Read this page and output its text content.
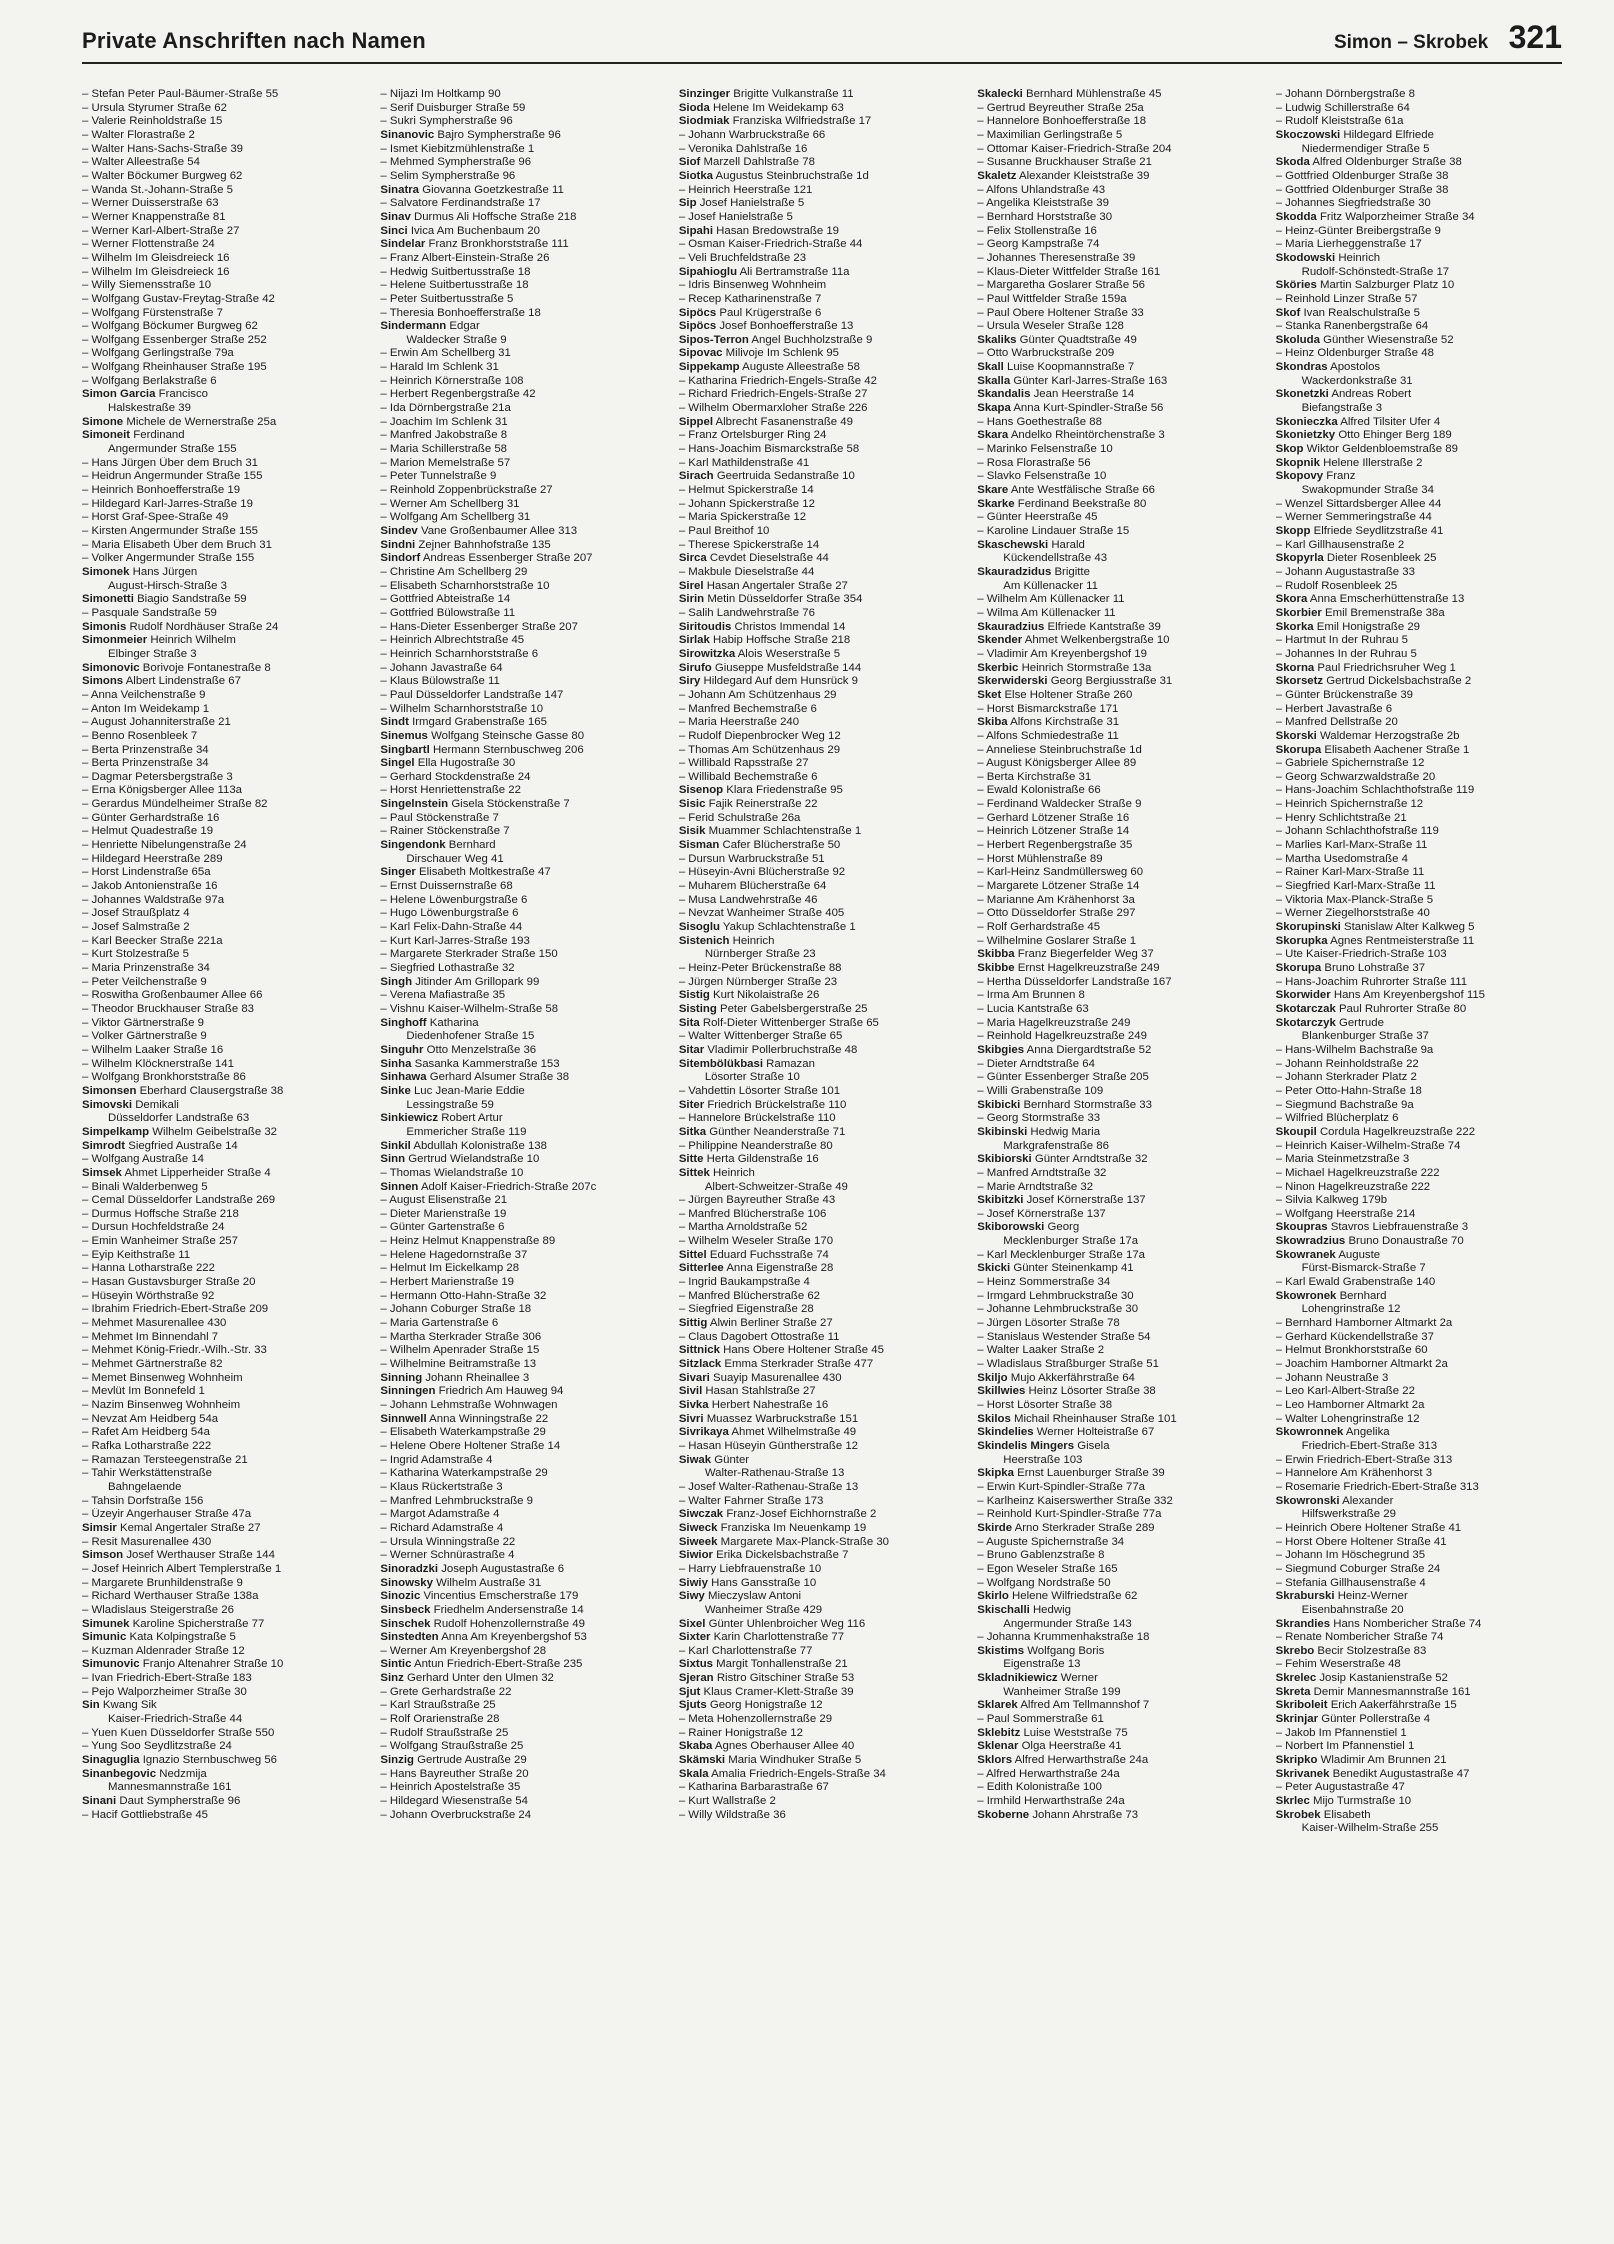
Private Anschriften nach Namen	Simon – Skrobek 321
– Stefan Peter Paul-Bäumer-Straße 55
– Ursula Styrumer Straße 62
– Valerie Reinholdstraße 15
– Walter Florastraße 2
– Walter Hans-Sachs-Straße 39
– Walter Alleestraße 54
– Walter Böckumer Burgweg 62
– Wanda St.-Johann-Straße 5
– Werner Duisserstraße 63
– Werner Knappenstraße 81
– Werner Karl-Albert-Straße 27
– Werner Flottenstraße 24
– Wilhelm Im Gleisdreieck 16
– Wilhelm Im Gleisdreieck 16
– Willy Siemensstraße 10
– Wolfgang Gustav-Freytag-Straße 42
– Wolfgang Fürstenstraße 7
– Wolfgang Böckumer Burgweg 62
– Wolfgang Essenberger Straße 252
– Wolfgang Gerlingstraße 79a
– Wolfgang Rheinhauser Straße 195
– Wolfgang Berlakstraße 6
Simon Garcia Francisco
Halskestraße 39
Simone Michele de Wernerstraße 25a
Simoneit Ferdinand
Angermunder Straße 155
– Hans Jürgen Über dem Bruch 31
– Heidrun Angermunder Straße 155
– Heinrich Bonhoefferstraße 19
– Hildegard Karl-Jarres-Straße 19
– Horst Graf-Spee-Straße 49
– Kirsten Angermunder Straße 155
– Maria Elisabeth Über dem Bruch 31
– Volker Angermunder Straße 155
Simonek Hans Jürgen
August-Hirsch-Straße 3
Simonetti Biagio Sandstraße 59
– Pasquale Sandstraße 59
Simonis Rudolf Nordhäuser Straße 24
Simonmeier Heinrich Wilhelm
Elbinger Straße 3
Simonovic Borivoje Fontanestraße 8
Simons Albert Lindenstraße 67
– Anna Veilchenstraße 9
– Anton Im Weidekamp 1
– August Johanniterstraße 21
– Benno Rosenbleek 7
– Berta Prinzenstraße 34
– Berta Prinzenstraße 34
– Dagmar Petersbergstraße 3
– Erna Königsberger Allee 113a
– Gerardus Mündelheimer Straße 82
– Günter Gerhardstraße 16
– Helmut Quadestraße 19
– Henriette Nibelungenstraße 24
– Hildegard Heerstraße 289
– Horst Lindenstraße 65a
– Jakob Antonienstraße 16
– Johannes Waldstraße 97a
– Josef Straußplatz 4
– Josef Salmstraße 2
– Karl Beecker Straße 221a
– Kurt Stolzestraße 5
– Maria Prinzenstraße 34
– Peter Veilchenstraße 9
– Roswitha Großenbaumer Allee 66
– Theodor Bruckhauser Straße 83
– Viktor Gärtnerstraße 9
– Volker Gärtnerstraße 9
– Wilhelm Laaker Straße 16
– Wilhelm Klöcknerstraße 141
– Wolfgang Bronkhorststraße 86
Simonsen Eberhard Clausergstraße 38
Simovski Demikali
Düsseldorfer Landstraße 63
Simpelkamp Wilhelm Geibelstraße 32
Simrodt Siegfried Austraße 14
– Wolfgang Austraße 14
Simsek Ahmet Lipperheider Straße 4
– Binali Walderbenweg 5
– Cemal Düsseldorfer Landstraße 269
– Durmus Hoffsche Straße 218
– Dursun Hochfeldstraße 24
– Emin Wanheimer Straße 257
– Eyip Keithstraße 11
– Hanna Lotharstraße 222
– Hasan Gustavsburger Straße 20
– Hüseyin Wörthstraße 92
– Ibrahim Friedrich-Ebert-Straße 209
– Mehmet Masurenallee 430
– Mehmet Im Binnendahl 7
– Mehmet König-Friedr.-Wilh.-Str. 33
– Mehmet Gärtnerstraße 82
– Memet Binsenweg Wohnheim
– Mevlüt Im Bonnefeld 1
– Nazim Binsenweg Wohnheim
– Nevzat Am Heidberg 54a
– Rafet Am Heidberg 54a
– Rafka Lotharstraße 222
– Ramazan Tersteegenstraße 21
– Tahir Werkstättenstraße
Bahngelaende
– Tahsin Dorfstraße 156
– Üzeyir Angerhauser Straße 47a
Simsir Kemal Angertaler Straße 27
– Resit Masurenallee 430
Simson Josef Werthauser Straße 144
– Josef Heinrich Albert Templerstraße 1
– Margarete Brunhildenstraße 9
– Richard Werthauser Straße 138a
– Wladislaus Steigerstraße 26
Simunek Karoline Spicherstraße 77
Simunic Kata Kolpingstraße 5
– Kuzman Aldenrader Straße 12
Simunovic Franjo Altenahrer Straße 10
– Ivan Friedrich-Ebert-Straße 183
– Pejo Walporzheimer Straße 30
Sin Kwang Sik
Kaiser-Friedrich-Straße 44
– Yuen Kuen Düsseldorfer Straße 550
– Yung Soo Seydlitzstraße 24
Sinaguglia Ignazio Sternbuschweg 56
Sinanbegovic Nedzmija
Mannesmannstraße 161
Sinani Daut Sympherstraße 96
– Hacif Gottliebstraße 45
– Nijazi Im Holtkamp 90
– Serif Duisburger Straße 59
– Sukri Sympherstraße 96
Sinanovic Bajro Sympherstraße 96
– Ismet Kiebitzmühlenstraße 1
– Mehmed Sympherstraße 96
– Selim Sympherstraße 96
Sinatra Giovanna Goetzkestraße 11
– Salvatore Ferdinandstraße 17
Sinav Durmus Ali Hoffsche Straße 218
Sinci Ivica Am Buchenbaum 20
Sindelar Franz Bronkhorststraße 111
– Franz Albert-Einstein-Straße 26
– Hedwig Suitbertusstraße 18
– Helene Suitbertusstraße 18
– Peter Suitbertusstraße 5
– Theresia Bonhoefferstraße 18
Sindermann Edgar
Waldecker Straße 9
– Erwin Am Schellberg 31
– Harald Im Schlenk 31
– Heinrich Körnerstraße 108
– Herbert Regenbergstraße 42
– Ida Dörnbergstraße 21a
– Joachim Im Schlenk 31
– Manfred Jakobstraße 8
– Maria Schillerstraße 58
– Marion Memelstraße 57
– Peter Tunnelstraße 9
– Reinhold Zoppenbrückstraße 27
– Werner Am Schellberg 31
– Wolfgang Am Schellberg 31
Sindev Vane Großenbaumer Allee 313
Sindni Zejner Bahnhofstraße 135
Sindorf Andreas Essenberger Straße 207
– Christine Am Schellberg 29
– Elisabeth Scharnhorststraße 10
– Gottfried Abteistraße 14
– Gottfried Bülowstraße 11
– Hans-Dieter Essenberger Straße 207
– Heinrich Albrechtstraße 45
– Heinrich Scharnhorststraße 6
– Johann Javastraße 64
– Klaus Bülowstraße 11
– Paul Düsseldorfer Landstraße 147
– Wilhelm Scharnhorststraße 10
Sindt Irmgard Grabenstraße 165
Sinemus Wolfgang Steinsche Gasse 80
Singbartl Hermann Sternbuschweg 206
Singel Ella Hugostraße 30
– Gerhard Stockdenstraße 24
– Horst Henriettenstraße 22
Singelnstein Gisela Stöckenstraße 7
– Paul Stöckenstraße 7
– Rainer Stöckenstraße 7
Singendonk Bernhard
Dirschauer Weg 41
Singer Elisabeth Moltkestraße 47
– Ernst Duissernstraße 68
– Helene Löwenburgstraße 6
– Hugo Löwenburgstraße 6
– Karl Felix-Dahn-Straße 44
– Kurt Karl-Jarres-Straße 193
– Margarete Sterkrader Straße 150
– Siegfried Lothastraße 32
Singh Jitinder Am Grillopark 99
– Verena Mafiastraße 35
– Vishnu Kaiser-Wilhelm-Straße 58
Singhoff Katharina
Diedenhofener Straße 15
Singuhr Otto Menzelstraße 36
Sinha Sasanka Kammerstraße 153
Sinhawa Gerhard Alsumer Straße 38
Sinke Luc Jean-Marie Eddie
Lessingstraße 59
Sinkiewicz Robert Artur
Emmericher Straße 119
Sinkil Abdullah Kolonistraße 138
Sinn Gertrud Wielandstraße 10
– Thomas Wielandstraße 10
Sinnen Adolf Kaiser-Friedrich-Straße 207c
– August Elisenstraße 21
– Dieter Marienstraße 19
– Günter Gartenstraße 6
– Heinz Helmut Knappenstraße 89
– Helene Hagedornstraße 37
– Helmut Im Eickelkamp 28
– Herbert Marienstraße 19
– Hermann Otto-Hahn-Straße 32
– Johann Coburger Straße 18
– Maria Gartenstraße 6
– Martha Sterkrader Straße 306
– Wilhelm Apenrader Straße 15
– Wilhelmine Beitramstraße 13
Sinning Johann Rheinallee 3
Sinningen Friedrich Am Hauweg 94
– Johann Lehmstraße Wohnwagen
Sinnwell Anna Winningstraße 22
– Elisabeth Waterkampstraße 29
– Helene Obere Holtener Straße 14
– Ingrid Adamstraße 4
– Katharina Waterkampstraße 29
– Klaus Rückertstraße 3
– Manfred Lehmbruckstraße 9
– Margot Adamstraße 4
– Richard Adamstraße 4
– Ursula Winningstraße 22
– Werner Schnürastraße 4
Sinoradzki Joseph Augustastraße 6
Sinowsky Wilhelm Austraße 31
Sinozic Vincentius Emscherstraße 179
Sinsbeck Friedhelm Andersenstraße 14
Sinschek Rudolf Hohenzollernstraße 49
Sinstedten Anna Am Kreyenbergshof 53
– Werner Am Kreyenbergshof 28
Sintic Antun Friedrich-Ebert-Straße 235
Sinz Gerhard Unter den Ulmen 32
– Grete Gerhardstraße 22
– Karl Straußstraße 25
– Rolf Orarienstraße 28
– Rudolf Straußstraße 25
– Wolfgang Straußstraße 25
Sinzig Gertrude Austraße 29
– Hans Bayreuther Straße 20
– Heinrich Apostelstraße 35
– Hildegard Wiesenstraße 54
– Johann Overbruckstraße 24
Sinzinger Brigitte Vulkanstraße 11
Sioda Helene Im Weidekamp 63
Siodmiak Franziska Wilfriedstraße 17
– Johann Warbruckstraße 66
– Veronika Dahlstraße 16
Siof Marzell Dahlstraße 78
Siotka Augustus Steinbruchstraße 1d
– Heinrich Heerstraße 121
Sip Josef Hanielstraße 5
– Josef Hanielstraße 5
Sipahi Hasan Bredowstraße 19
– Osman Kaiser-Friedrich-Straße 44
– Veli Bruchfeldstraße 23
Sipahioglu Ali Bertramstraße 11a
– Idris Binsenweg Wohnheim
– Recep Katharinenstraße 7
Sipöcs Paul Krügerstraße 6
Sipöcs Josef Bonhoefferstraße 13
Sipos-Terron Angel Buchholzstraße 9
Sipovac Milivoje Im Schlenk 95
Sippekamp Auguste Alleestraße 58
– Katharina Friedrich-Engels-Straße 42
– Richard Friedrich-Engels-Straße 27
– Wilhelm Obermarxloher Straße 226
Sippel Albrecht Fasanenstraße 49
– Franz Ortelsburger Ring 24
– Hans-Joachim Bismarckstraße 58
– Karl Mathildenstraße 41
Sirach Geertruida Sedanstraße 10
– Helmut Spickerstraße 14
– Johann Spickerstraße 12
– Maria Spickerstraße 12
– Paul Breithof 10
– Therese Spickerstraße 14
Sirca Cevdet Dieselstraße 44
– Makbule Dieselstraße 44
Sirel Hasan Angertaler Straße 27
Sirin Metin Düsseldorfer Straße 354
– Salih Landwehrstraße 76
Siritoudis Christos Immendal 14
Sirlak Habip Hoffsche Straße 218
Sirowitzka Alois Weserstraße 5
Sirufo Giuseppe Musfeldstraße 144
Siry Hildegard Auf dem Hunsrück 9
– Johann Am Schützenhaus 29
– Manfred Bechemstraße 6
– Maria Heerstraße 240
– Rudolf Diepenbrocker Weg 12
– Thomas Am Schützenhaus 29
– Willibald Rapsstraße 27
– Willibald Bechemstraße 6
Sisenop Klara Friedenstraße 95
Sisic Fajik Reinerstraße 22
– Ferid Schulstraße 26a
Sisik Muammer Schlachtenstraße 1
Sisman Cafer Blücherstraße 50
– Dursun Warbruckstraße 51
– Hüseyin-Avni Blücherstraße 92
– Muharem Blücherstraße 64
– Musa Landwehrstraße 46
– Nevzat Wanheimer Straße 405
Sisoglu Yakup Schlachtenstraße 1
Sistenich Heinrich
Nürnberger Straße 23
– Heinz-Peter Brückenstraße 88
– Jürgen Nürnberger Straße 23
Sistig Kurt Nikolaistraße 26
Sisting Peter Gabelsbergerstraße 25
Sita Rolf-Dieter Wittenberger Straße 65
– Walter Wittenberger Straße 65
Sitar Vladimir Pollerbruchstraße 48
Sitembölükbasi Ramazan
Lösorter Straße 10
– Vahdettin Lösorter Straße 101
Siter Friedrich Brückelstraße 110
– Hannelore Brückelstraße 110
Sitka Günther Neanderstraße 71
– Philippine Neanderstraße 80
Sitte Herta Gildenstraße 16
Sittek Heinrich
Albert-Schweitzer-Straße 49
– Jürgen Bayreuther Straße 43
– Manfred Blücherstraße 106
– Martha Arnoldstraße 52
– Wilhelm Weseler Straße 170
Sittel Eduard Fuchsstraße 74
Sitterlee Anna Eigenstraße 28
– Ingrid Baukampstraße 4
– Manfred Blücherstraße 62
– Siegfried Eigenstraße 28
Sittig Alwin Berliner Straße 27
– Claus Dagobert Ottostraße 11
Sittnick Hans Obere Holtener Straße 45
Sitzlack Emma Sterkrader Straße 477
Sivari Suayip Masurenallee 430
Sivil Hasan Stahlstraße 27
Sivka Herbert Nahestraße 16
Sivri Muassez Warbruckstraße 151
Sivrikaya Ahmet Wilhelmstraße 49
– Hasan Hüseyin Güntherstraße 12
Siwak Günter
Walter-Rathenau-Straße 13
– Josef Walter-Rathenau-Straße 13
– Walter Fahrner Straße 173
Siwczak Franz-Josef Eichhornstraße 2
Siweck Franziska Im Neuenkamp 19
Siweek Margarete Max-Planck-Straße 30
Siwior Erika Dickelsbachstraße 7
– Harry Liebfrauenstraße 10
Siwiy Hans Gansstraße 10
Siwy Mieczyslaw Antoni
Wanheimer Straße 429
Sixel Günter Uhlenbroicher Weg 116
Sixter Karin Charlottenstraße 77
– Karl Charlottenstraße 77
Sixtus Margit Tonhallenstraße 21
Sjeran Ristro Gitschiner Straße 53
Sjut Klaus Cramer-Klett-Straße 39
Sjuts Georg Honigstraße 12
– Meta Hohenzollernstraße 29
– Rainer Honigstraße 12
Skaba Agnes Oberhauser Allee 40
Skämski Maria Windhuker Straße 5
Skala Amalia Friedrich-Engels-Straße 34
– Katharina Barbarastraße 67
– Kurt Wallstraße 2
– Willy Wildstraße 36
Skalecki Bernhard Mühlenstraße 45
– Gertrud Beyreuther Straße 25a
– Hannelore Bonhoefferstraße 18
– Maximilian Gerlingstraße 5
– Ottomar Kaiser-Friedrich-Straße 204
– Susanne Bruckhauser Straße 21
Skaletz Alexander Kleiststraße 39
– Alfons Uhlandstraße 43
– Angelika Kleiststraße 39
– Bernhard Horststraße 30
– Felix Stollenstraße 16
– Georg Kampstraße 74
– Johannes Theresenstraße 39
– Klaus-Dieter Wittfelder Straße 161
– Margaretha Goslarer Straße 56
– Paul Wittfelder Straße 159a
– Paul Obere Holtener Straße 33
– Ursula Weseler Straße 128
Skaliks Günter Quadtstraße 49
– Otto Warbruckstraße 209
Skall Luise Koopmannstraße 7
Skalla Günter Karl-Jarres-Straße 163
Skandalis Jean Heerstraße 14
Skapa Anna Kurt-Spindler-Straße 56
– Hans Goethestraße 88
Skara Andelko Rheintörchenstraße 3
– Marinko Felsenstraße 10
– Rosa Florastraße 56
– Slavko Felsenstraße 10
Skare Ante Westfälische Straße 66
Skarke Ferdinand Beekstraße 80
– Günter Heerstraße 45
– Karoline Lindauer Straße 15
Skaschewski Harald
Kückendellstraße 43
Skauradzidus Brigitte
Am Küllenacker 11
– Wilhelm Am Küllenacker 11
– Wilma Am Küllenacker 11
Skauradzius Elfriede Kantstraße 39
Skender Ahmet Welkenbergstraße 10
– Vladimir Am Kreyenbergshof 19
Skerbic Heinrich Stormstraße 13a
Skerwiderski Georg Bergiusstraße 31
Sket Else Holtener Straße 260
– Horst Bismarckstraße 171
Skiba Alfons Kirchstraße 31
– Alfons Schmiedestraße 11
– Anneliese Steinbruchstraße 1d
– August Königsberger Allee 89
– Berta Kirchstraße 31
– Ewald Kolonistraße 66
– Ferdinand Waldecker Straße 9
– Gerhard Lötzener Straße 16
– Heinrich Lötzener Straße 14
– Herbert Regenbergstraße 35
– Horst Mühlenstraße 89
– Karl-Heinz Sandmüllersweg 60
– Margarete Lötzener Straße 14
– Marianne Am Krähenhorst 3a
– Otto Düsseldorfer Straße 297
– Rolf Gerhardstraße 45
– Wilhelmine Goslarer Straße 1
Skibba Franz Biegerfelder Weg 37
Skibbe Ernst Hagelkreuzstraße 249
– Hertha Düsseldorfer Landstraße 167
– Irma Am Brunnen 8
– Lucia Kantstraße 63
– Maria Hagelkreuzstraße 249
– Reinhold Hagelkreuzstraße 249
Skibgies Anna Diergardtstraße 52
– Dieter Arndtstraße 64
– Günter Essenberger Straße 205
– Willi Grabenstraße 109
Skibicki Bernhard Stormstraße 33
– Georg Stormstraße 33
Skibinski Hedwig Maria
Markgrafenstraße 86
Skibiorski Günter Arndtstraße 32
– Manfred Arndtstraße 32
– Marie Arndtstraße 32
Skibitzki Josef Körnerstraße 137
– Josef Körnerstraße 137
Skiborowski Georg
Mecklenburger Straße 17a
– Karl Mecklenburger Straße 17a
Skicki Günter Steinenkamp 41
– Heinz Sommerstraße 34
– Irmgard Lehmbruckstraße 30
– Johanne Lehmbruckstraße 30
– Jürgen Lösorter Straße 78
– Stanislaus Westender Straße 54
– Walter Laaker Straße 2
– Wladislaus Straßburger Straße 51
Skiljo Mujo Akkerfährstraße 64
Skillwies Heinz Lösorter Straße 38
– Horst Lösorter Straße 38
Skilos Michail Rheinhauser Straße 101
Skindelies Werner Holteistraße 67
Skindelis Mingers Gisela
Heerstraße 103
Skipka Ernst Lauenburger Straße 39
– Erwin Kurt-Spindler-Straße 77a
– Karlheinz Kaiserswerther Straße 332
– Reinhold Kurt-Spindler-Straße 77a
Skirde Arno Sterkrader Straße 289
– Auguste Spichernstraße 34
– Bruno Gablenzstraße 8
– Egon Weseler Straße 165
– Wolfgang Nordstraße 50
Skirlo Helene Wilfriedstraße 62
Skischalli Hedwig
Angermunder Straße 143
– Johanna Krummenhakstraße 18
Skistims Wolfgang Boris
Eigenstraße 13
Skladnikiewicz Werner
Wanheimer Straße 199
Sklarek Alfred Am Tellmannshof 7
– Paul Sommerstraße 61
Sklebitz Luise Weststraße 75
Sklenar Olga Heerstraße 41
Sklors Alfred Herwarthstraße 24a
– Alfred Herwarthstraße 24a
– Edith Kolonistraße 100
– Irmhild Herwarthstraße 24a
Skoberne Johann Ahrstraße 73
– Johann Dörnbergstraße 8
– Ludwig Schillerstraße 64
– Rudolf Kleiststraße 61a
Skoczowski Hildegard Elfriede
Niedermendiger Straße 5
Skoda Alfred Oldenburger Straße 38
– Gottfried Oldenburger Straße 38
– Gottfried Oldenburger Straße 38
– Johannes Siegfriedstraße 30
Skodda Fritz Walporzheimer Straße 34
– Heinz-Günter Breibergstraße 9
– Maria Lierheggenstraße 17
Skodowski Heinrich
Rudolf-Schönstedt-Straße 17
Sköries Martin Salzburger Platz 10
– Reinhold Linzer Straße 57
Skof Ivan Realschulstraße 5
– Stanka Ranenbergstraße 64
Skoluda Günther Wiesenstraße 52
– Heinz Oldenburger Straße 48
Skondras Apostolos
Wackerdonkstraße 31
Skonetzki Andreas Robert
Biefangstraße 3
Skonieczka Alfred Tilsiter Ufer 4
Skonietzky Otto Ehinger Berg 189
Skop Wiktor Geldenbloemstraße 89
Skopnik Helene Illerstraße 2
Skopovy Franz
Swakopmunder Straße 34
– Wenzel Sittardsberger Allee 44
– Werner Semmeringstraße 44
Skopp Elfriede Seydlitzstraße 41
– Karl Gillhausenstraße 2
Skopyrla Dieter Rosenbleek 25
– Johann Augustastraße 33
– Rudolf Rosenbleek 25
Skora Anna Emscherhüttenstraße 13
Skorbier Emil Bremenstraße 38a
Skorka Emil Honigstraße 29
– Hartmut In der Ruhrau 5
– Johannes In der Ruhrau 5
Skorna Paul Friedrichsruher Weg 1
Skorsetz Gertrud Dickelsbachstraße 2
– Günter Brückenstraße 39
– Herbert Javastraße 6
– Manfred Dellstraße 20
Skorski Waldemar Herzogstraße 2b
Skorupa Elisabeth Aachener Straße 1
– Gabriele Spichernstraße 12
– Georg Schwarzwaldstraße 20
– Hans-Joachim Schlachthofstraße 119
– Heinrich Spichernstraße 12
– Henry Schlichtstraße 21
– Johann Schlachthofstraße 119
– Marlies Karl-Marx-Straße 11
– Martha Usedomstraße 4
– Rainer Karl-Marx-Straße 11
– Siegfried Karl-Marx-Straße 11
– Viktoria Max-Planck-Straße 5
– Werner Ziegelhorststraße 40
Skorupinski Stanislaw Alter Kalkweg 5
Skorupka Agnes Rentmeisterstraße 11
– Ute Kaiser-Friedrich-Straße 103
Skorupa Bruno Lohstraße 37
– Hans-Joachim Ruhrorter Straße 111
Skorwider Hans Am Kreyenbergshof 115
Skotarczak Paul Ruhrorter Straße 80
Skotarczyk Gertrude
Blankenburger Straße 37
– Hans-Wilhelm Bachstraße 9a
– Johann Reinholdstraße 22
– Johann Sterkrader Platz 2
– Peter Otto-Hahn-Straße 18
– Siegmund Bachstraße 9a
– Wilfried Blücherplatz 6
Skoupil Cordula Hagelkreuzstraße 222
– Heinrich Kaiser-Wilhelm-Straße 74
– Maria Steinmetzstraße 3
– Michael Hagelkreuzstraße 222
– Ninon Hagelkreuzstraße 222
– Silvia Kalkweg 179b
– Wolfgang Heerstraße 214
Skoupras Stavros Liebfrauenstraße 3
Skowradzius Bruno Donaustraße 70
Skowranek Auguste
Fürst-Bismarck-Straße 7
– Karl Ewald Grabenstraße 140
Skowronek Bernhard
Lohengrinstraße 12
– Bernhard Hamborner Altmarkt 2a
– Gerhard Kückendellstraße 37
– Helmut Bronkhorststraße 60
– Joachim Hamborner Altmarkt 2a
– Johann Neustraße 3
– Leo Karl-Albert-Straße 22
– Leo Hamborner Altmarkt 2a
– Walter Lohengrinstraße 12
Skowronnek Angelika
Friedrich-Ebert-Straße 313
– Erwin Friedrich-Ebert-Straße 313
– Hannelore Am Krähenhorst 3
– Rosemarie Friedrich-Ebert-Straße 313
Skowronski Alexander
Hilfswerkstraße 29
– Heinrich Obere Holtener Straße 41
– Horst Obere Holtener Straße 41
– Johann Im Höschegrund 35
– Siegmund Coburger Straße 24
– Stefania Gillhausenstraße 4
Skraburski Heinz-Werner
Eisenbahnstraße 20
Skrandies Hans Nombericher Straße 74
– Renate Nombericher Straße 74
Skrebo Becir Stolzestraße 83
– Fehim Weserstraße 48
Skrelec Josip Kastanienstraße 52
Skreta Demir Mannesmannstraße 161
Skriboleit Erich Aakerfährstraße 15
Skrinjar Günter Pollerstraße 4
– Jakob Im Pfannenstiel 1
– Norbert Im Pfannenstiel 1
Skripko Wladimir Am Brunnen 21
Skrivanek Benedikt Augustastraße 47
– Peter Augustastraße 47
Skrlec Mijo Turmstraße 10
Skrobek Elisabeth
Kaiser-Wilhelm-Straße 255
